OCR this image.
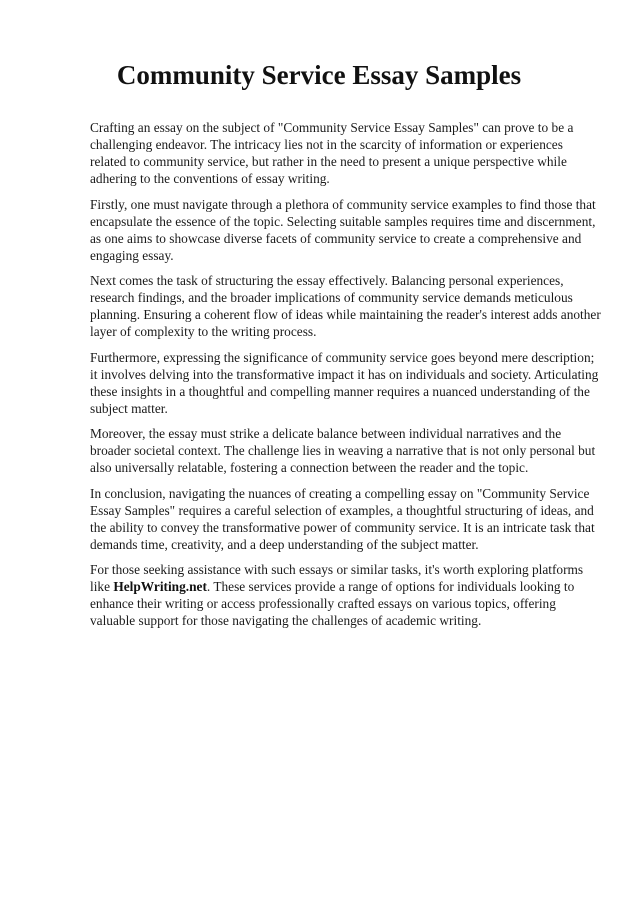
Community Service Essay Samples

Crafting an essay on the subject of "Community Service Essay Samples" can prove to be a challenging endeavor. The intricacy lies not in the scarcity of information or experiences related to community service, but rather in the need to present a unique perspective while adhering to the conventions of essay writing.

Firstly, one must navigate through a plethora of community service examples to find those that encapsulate the essence of the topic. Selecting suitable samples requires time and discernment, as one aims to showcase diverse facets of community service to create a comprehensive and engaging essay.

Next comes the task of structuring the essay effectively. Balancing personal experiences, research findings, and the broader implications of community service demands meticulous planning. Ensuring a coherent flow of ideas while maintaining the reader's interest adds another layer of complexity to the writing process.

Furthermore, expressing the significance of community service goes beyond mere description; it involves delving into the transformative impact it has on individuals and society. Articulating these insights in a thoughtful and compelling manner requires a nuanced understanding of the subject matter.

Moreover, the essay must strike a delicate balance between individual narratives and the broader societal context. The challenge lies in weaving a narrative that is not only personal but also universally relatable, fostering a connection between the reader and the topic.

In conclusion, navigating the nuances of creating a compelling essay on "Community Service Essay Samples" requires a careful selection of examples, a thoughtful structuring of ideas, and the ability to convey the transformative power of community service. It is an intricate task that demands time, creativity, and a deep understanding of the subject matter.

For those seeking assistance with such essays or similar tasks, it's worth exploring platforms like HelpWriting.net. These services provide a range of options for individuals looking to enhance their writing or access professionally crafted essays on various topics, offering valuable support for those navigating the challenges of academic writing.
